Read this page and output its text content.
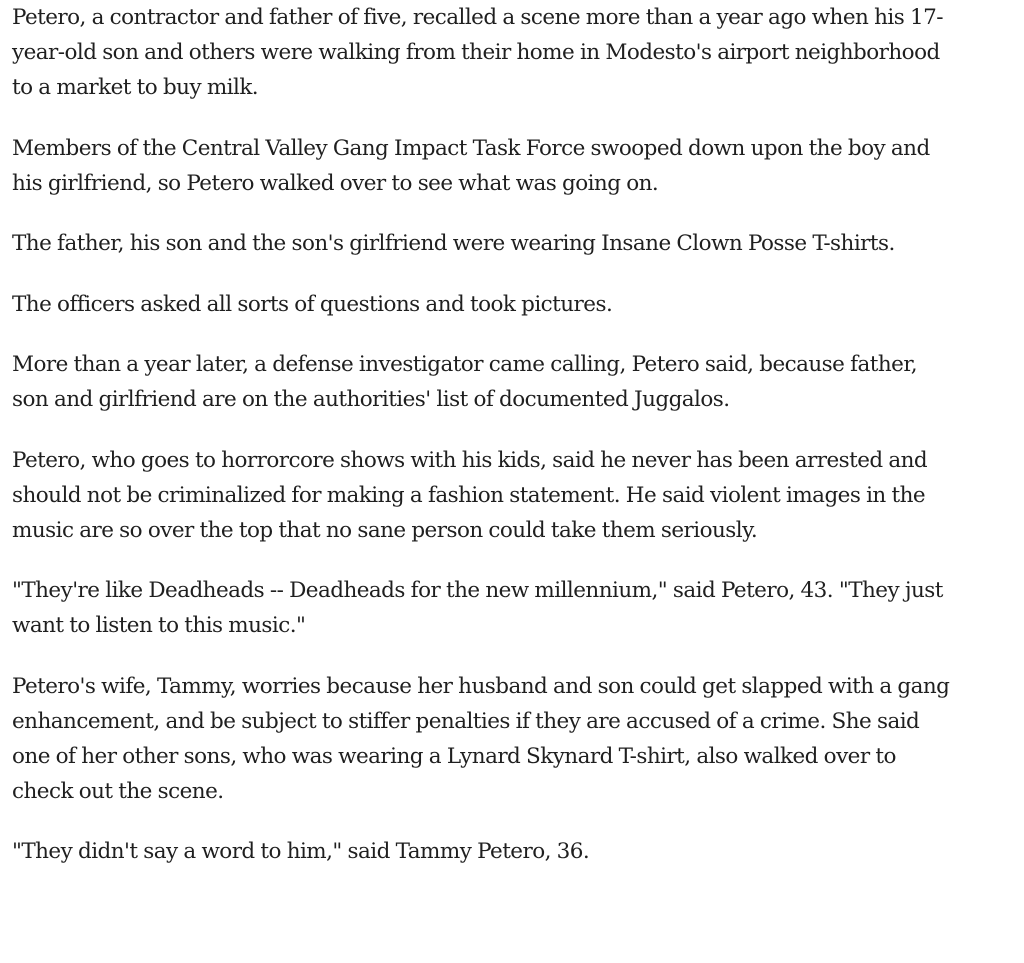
Petero, a contractor and father of five, recalled a scene more than a year ago when his 17-year-old son and others were walking from their home in Modesto's airport neighborhood to a market to buy milk.

Members of the Central Valley Gang Impact Task Force swooped down upon the boy and his girlfriend, so Petero walked over to see what was going on.

The father, his son and the son's girlfriend were wearing Insane Clown Posse T-shirts.

The officers asked all sorts of questions and took pictures.

More than a year later, a defense investigator came calling, Petero said, because father, son and girlfriend are on the authorities' list of documented Juggalos.

Petero, who goes to horrorcore shows with his kids, said he never has been arrested and should not be criminalized for making a fashion statement. He said violent images in the music are so over the top that no sane person could take them seriously.

"They're like Deadheads -- Deadheads for the new millennium," said Petero, 43. "They just want to listen to this music."

Petero's wife, Tammy, worries because her husband and son could get slapped with a gang enhancement, and be subject to stiffer penalties if they are accused of a crime. She said one of her other sons, who was wearing a Lynard Skynard T-shirt, also walked over to check out the scene.

"They didn't say a word to him," said Tammy Petero, 36.
